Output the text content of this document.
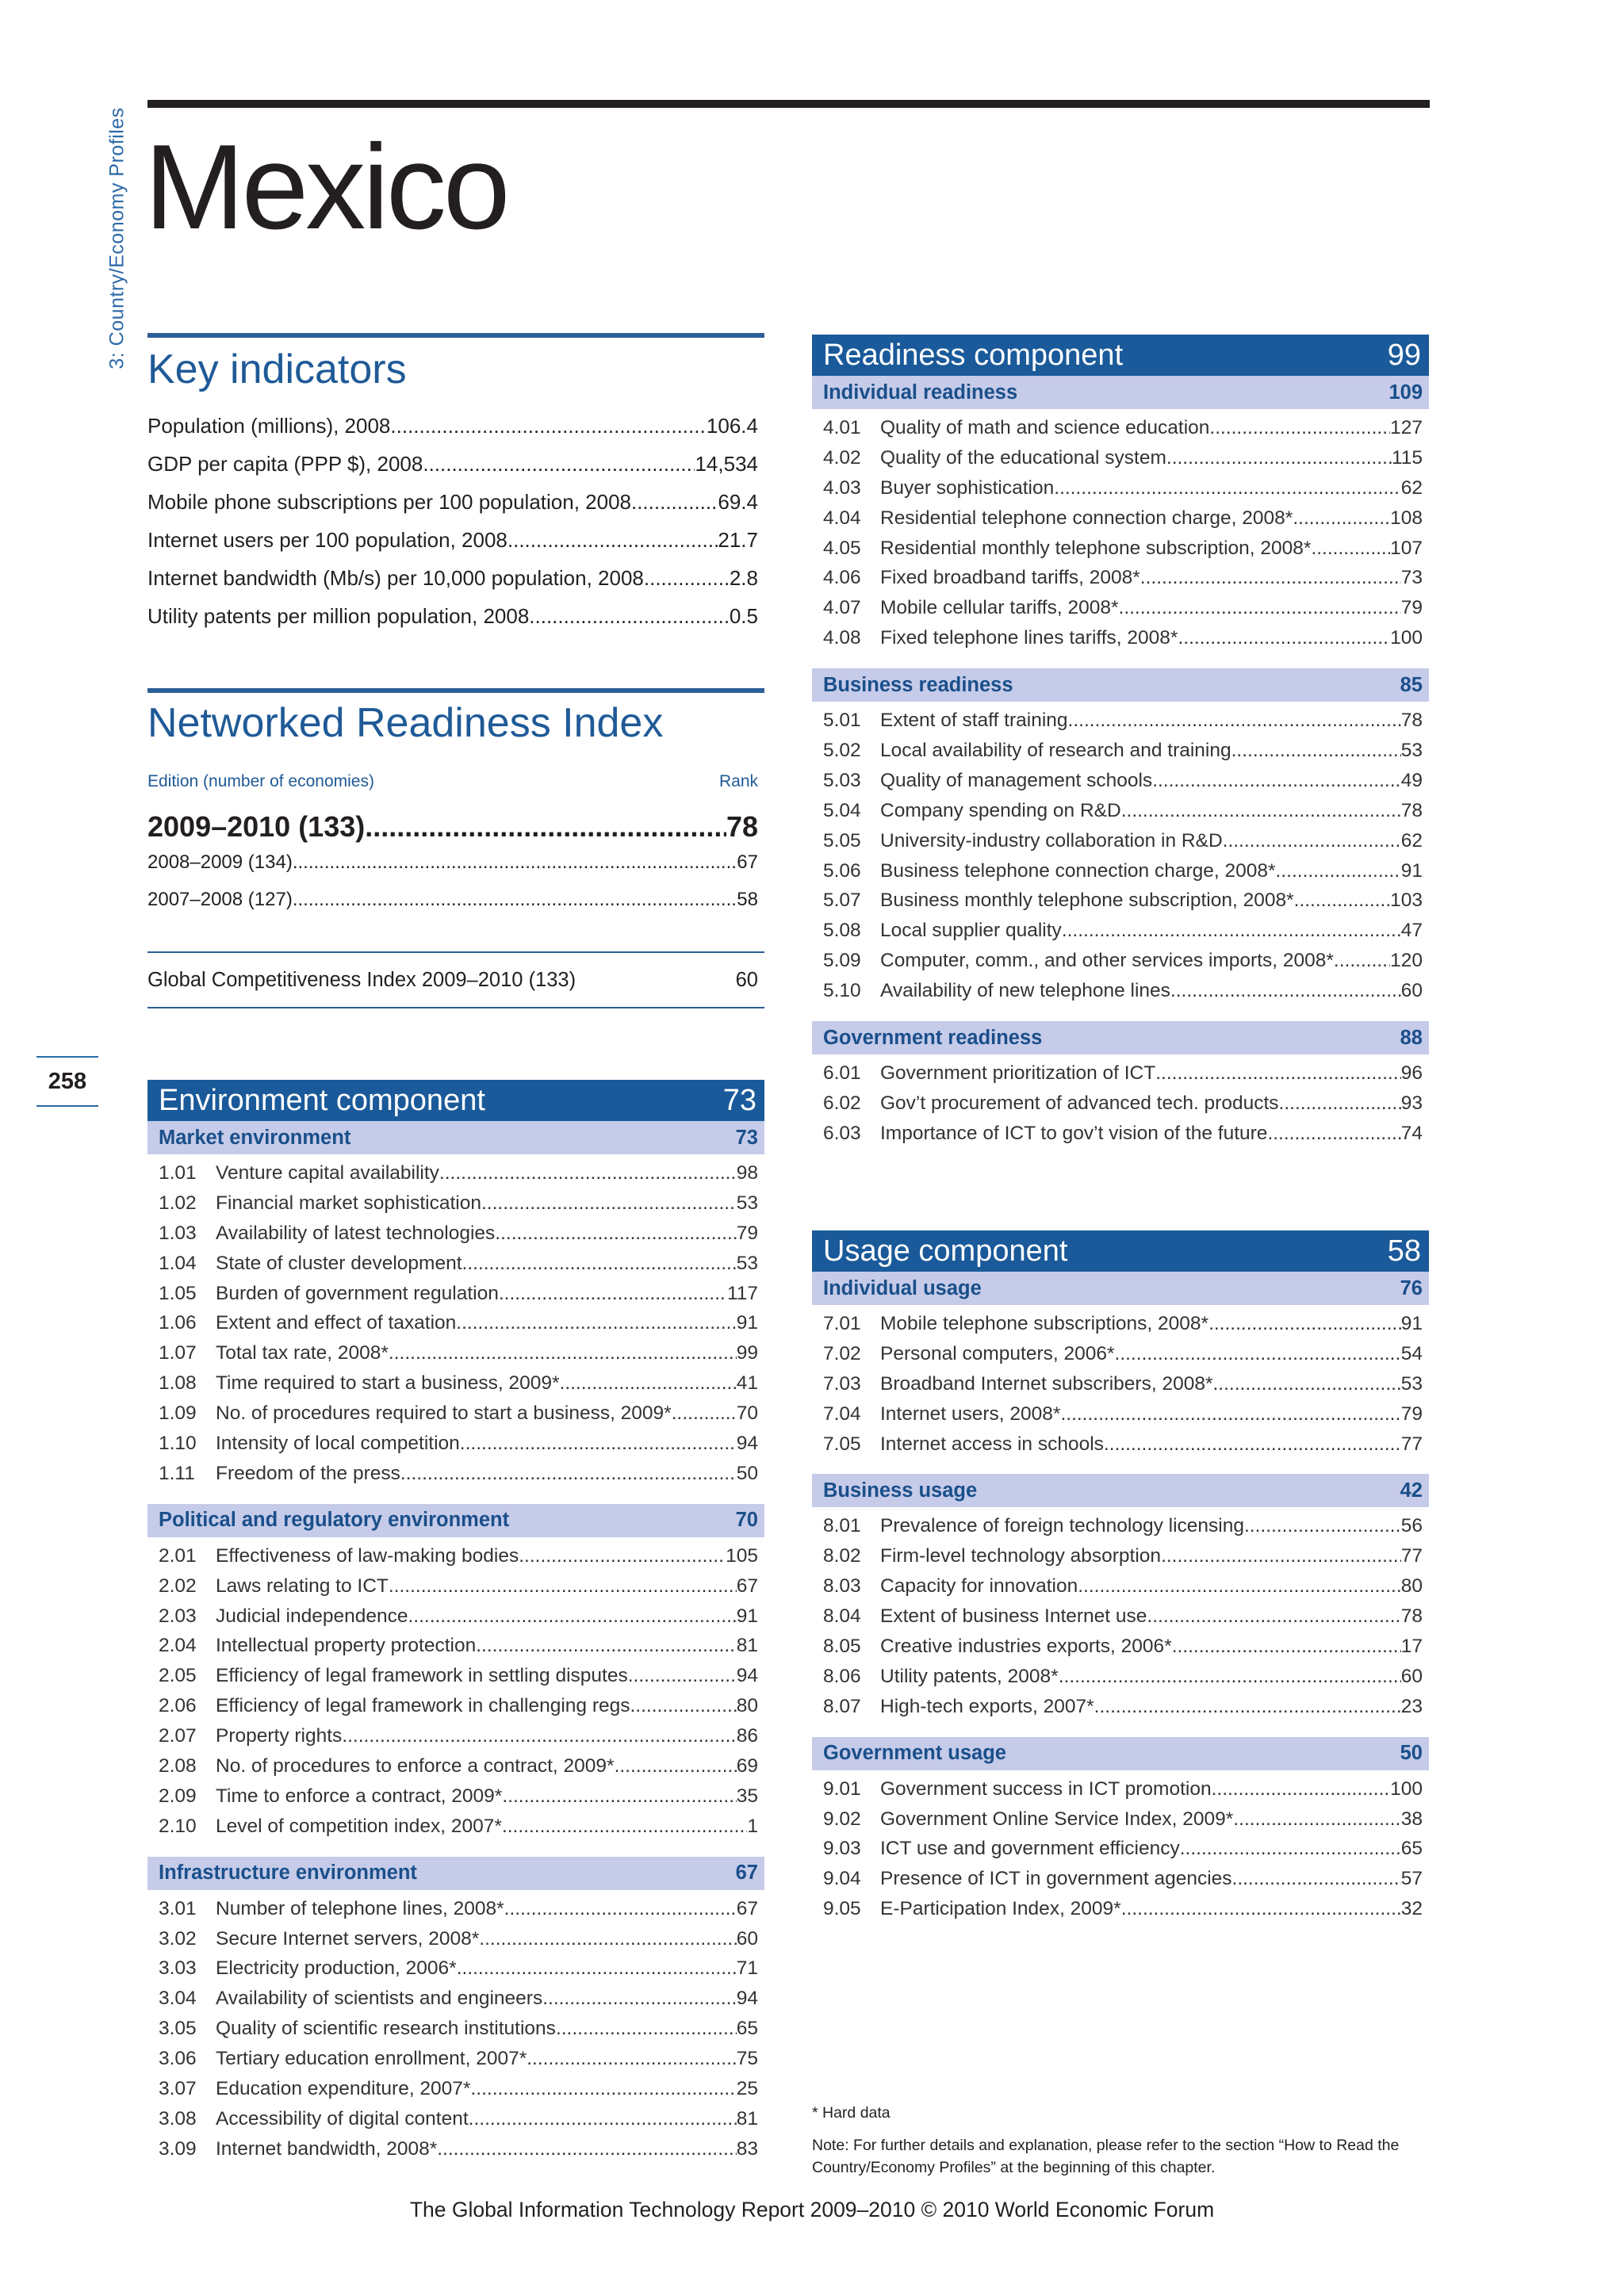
3: Country/Economy Profiles
258
Mexico
Key indicators
Population (millions), 2008 .....	106.4
GDP per capita (PPP $), 2008 .....	14,534
Mobile phone subscriptions per 100 population, 2008 .....	69.4
Internet users per 100 population, 2008 .....	21.7
Internet bandwidth (Mb/s) per 10,000 population, 2008 .....	2.8
Utility patents per million population, 2008 .....	0.5
Networked Readiness Index
Edition (number of economies)	Rank
2009–2010 (133) .....	78
2008–2009 (134) .....	67
2007–2008 (127) .....	58
Global Competitiveness Index 2009–2010 (133)	60
Environment component	73
Market environment	73
1.01 Venture capital availability .....	98
1.02 Financial market sophistication .....	53
1.03 Availability of latest technologies .....	79
1.04 State of cluster development .....	53
1.05 Burden of government regulation .....	117
1.06 Extent and effect of taxation .....	91
1.07 Total tax rate, 2008* .....	99
1.08 Time required to start a business, 2009* .....	41
1.09 No. of procedures required to start a business, 2009* .....	70
1.10 Intensity of local competition .....	94
1.11	Freedom of the press .....	50
Political and regulatory environment	70
2.01 Effectiveness of law-making bodies .....	105
2.02 Laws relating to ICT .....	67
2.03 Judicial independence .....	91
2.04 Intellectual property protection .....	81
2.05 Efficiency of legal framework in settling disputes .....	94
2.06 Efficiency of legal framework in challenging regs .....	80
2.07 Property rights .....	86
2.08 No. of procedures to enforce a contract, 2009* .....	69
2.09 Time to enforce a contract, 2009* .....	35
2.10 Level of competition index, 2007* .....	1
Infrastructure environment	67
3.01 Number of telephone lines, 2008* .....	67
3.02 Secure Internet servers, 2008* .....	60
3.03 Electricity production, 2006* .....	71
3.04 Availability of scientists and engineers .....	94
3.05 Quality of scientific research institutions .....	65
3.06 Tertiary education enrollment, 2007* .....	75
3.07 Education expenditure, 2007* .....	25
3.08 Accessibility of digital content .....	81
3.09 Internet bandwidth, 2008* .....	83
Readiness component	99
Individual readiness	109
4.01 Quality of math and science education .....	127
4.02 Quality of the educational system .....	115
4.03 Buyer sophistication .....	62
4.04 Residential telephone connection charge, 2008* .....	108
4.05 Residential monthly telephone subscription, 2008* .....	107
4.06 Fixed broadband tariffs, 2008* .....	73
4.07 Mobile cellular tariffs, 2008* .....	79
4.08 Fixed telephone lines tariffs, 2008* .....	100
Business readiness	85
5.01 Extent of staff training .....	78
5.02 Local availability of research and training .....	53
5.03 Quality of management schools .....	49
5.04 Company spending on R&D .....	78
5.05 University-industry collaboration in R&D .....	62
5.06 Business telephone connection charge, 2008* .....	91
5.07 Business monthly telephone subscription, 2008* .....	103
5.08 Local supplier quality .....	47
5.09 Computer, comm., and other services imports, 2008* .....	120
5.10 Availability of new telephone lines .....	60
Government readiness	88
6.01 Government prioritization of ICT .....	96
6.02 Gov’t procurement of advanced tech. products .....	93
6.03 Importance of ICT to gov’t vision of the future .....	74
Usage component	58
Individual usage	76
7.01 Mobile telephone subscriptions, 2008* .....	91
7.02 Personal computers, 2006* .....	54
7.03 Broadband Internet subscribers, 2008* .....	53
7.04 Internet users, 2008* .....	79
7.05 Internet access in schools .....	77
Business usage	42
8.01 Prevalence of foreign technology licensing .....	56
8.02 Firm-level technology absorption .....	77
8.03 Capacity for innovation .....	80
8.04 Extent of business Internet use .....	78
8.05 Creative industries exports, 2006* .....	17
8.06 Utility patents, 2008* .....	60
8.07 High-tech exports, 2007* .....	23
Government usage	50
9.01 Government success in ICT promotion .....	100
9.02 Government Online Service Index, 2009* .....	38
9.03 ICT use and government efficiency .....	65
9.04 Presence of ICT in government agencies .....	57
9.05 E-Participation Index, 2009* .....	32
* Hard data
Note: For further details and explanation, please refer to the section “How to Read the Country/Economy Profiles” at the beginning of this chapter.
The Global Information Technology Report 2009–2010 © 2010 World Economic Forum
